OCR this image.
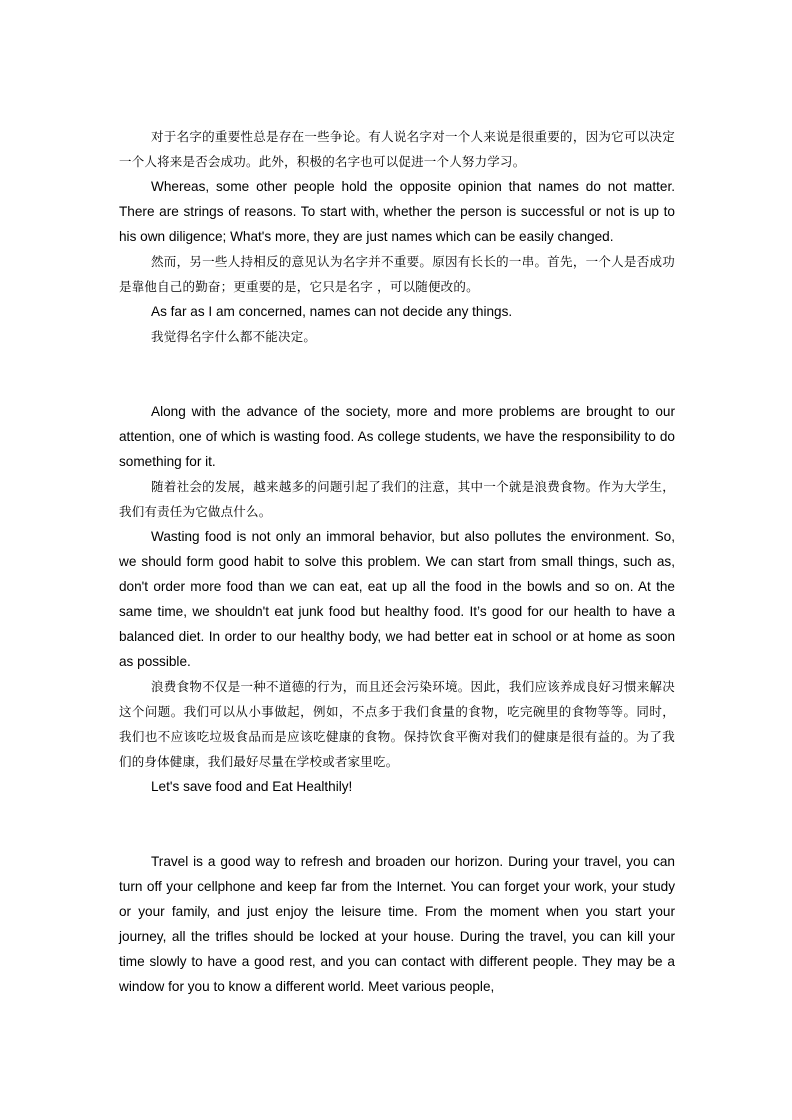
对于名字的重要性总是存在一些争论。有人说名字对一个人来说是很重要的，因为它可以决定一个人将来是否会成功。此外，积极的名字也可以促进一个人努力学习。

Whereas, some other people hold the opposite opinion that names do not matter. There are strings of reasons. To start with, whether the person is successful or not is up to his own diligence; What's more, they are just names which can be easily changed.

然而，另一些人持相反的意见认为名字并不重要。原因有长长的一串。首先，一个人是否成功是靠他自己的勤奋；更重要的是，它只是名字 ，可以随便改的。

As far as I am concerned, names can not decide any things.

我觉得名字什么都不能决定。

Along with the advance of the society, more and more problems are brought to our attention, one of which is wasting food. As college students, we have the responsibility to do something for it.

随着社会的发展，越来越多的问题引起了我们的注意，其中一个就是浪费食物。作为大学生，我们有责任为它做点什么。

Wasting food is not only an immoral behavior, but also pollutes the environment. So, we should form good habit to solve this problem. We can start from small things, such as, don't order more food than we can eat, eat up all the food in the bowls and so on. At the same time, we shouldn't eat junk food but healthy food. It’s good for our health to have a balanced diet. In order to our healthy body, we had better eat in school or at home as soon as possible.

浪费食物不仅是一种不道德的行为，而且还会污染环境。因此，我们应该养成良好习惯来解决这个问题。我们可以从小事做起，例如，不点多于我们食量的食物，吃完碗里的食物等等。同时，我们也不应该吃垃圾食品而是应该吃健康的食物。保持饮食平衡对我们的健康是很有益的。为了我们的身体健康，我们最好尽量在学校或者家里吃。

Let's save food and Eat Healthily!

Travel is a good way to refresh and broaden our horizon. During your travel, you can turn off your cellphone and keep far from the Internet. You can forget your work, your study or your family, and just enjoy the leisure time. From the moment when you start your journey, all the trifles should be locked at your house. During the travel, you can kill your time slowly to have a good rest, and you can contact with different people. They may be a window for you to know a different world. Meet various people,
